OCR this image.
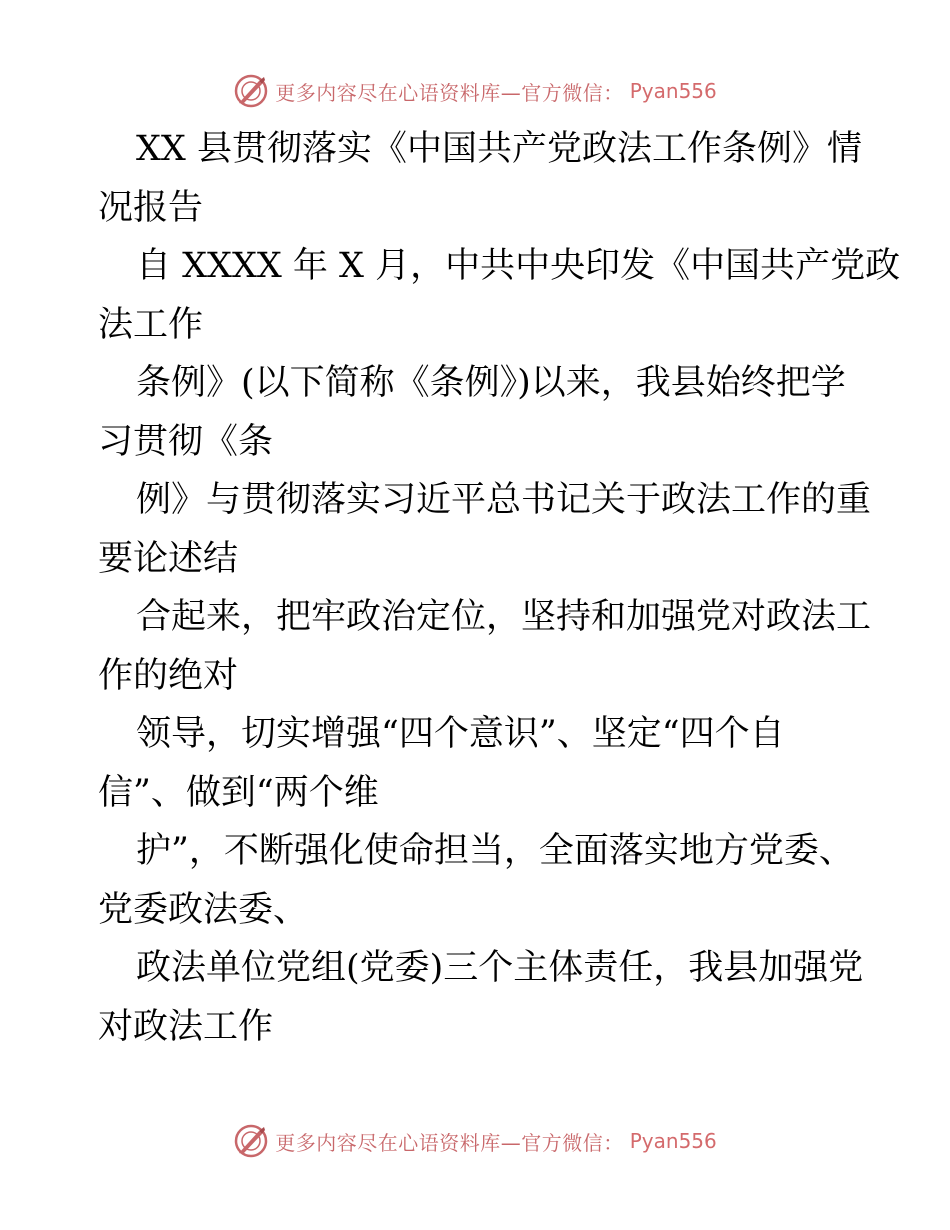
更多内容尽在心语资料库—官方微信： Pyan556
XX 县贯彻落实《中国共产党政法工作条例》情
况报告
自 XXXX 年 X 月，中共中央印发《中国共产党政
法工作
条例》(以下简称《条例》)以来，我县始终把学
习贯彻《条
例》与贯彻落实习近平总书记关于政法工作的重
要论述结
合起来，把牢政治定位，坚持和加强党对政法工
作的绝对
领导，切实增强“四个意识”、坚定“四个自
信”、做到“两个维
护”，不断强化使命担当，全面落实地方党委、
党委政法委、
政法单位党组(党委)三个主体责任，我县加强党
对政法工作
更多内容尽在心语资料库—官方微信： Pyan556
